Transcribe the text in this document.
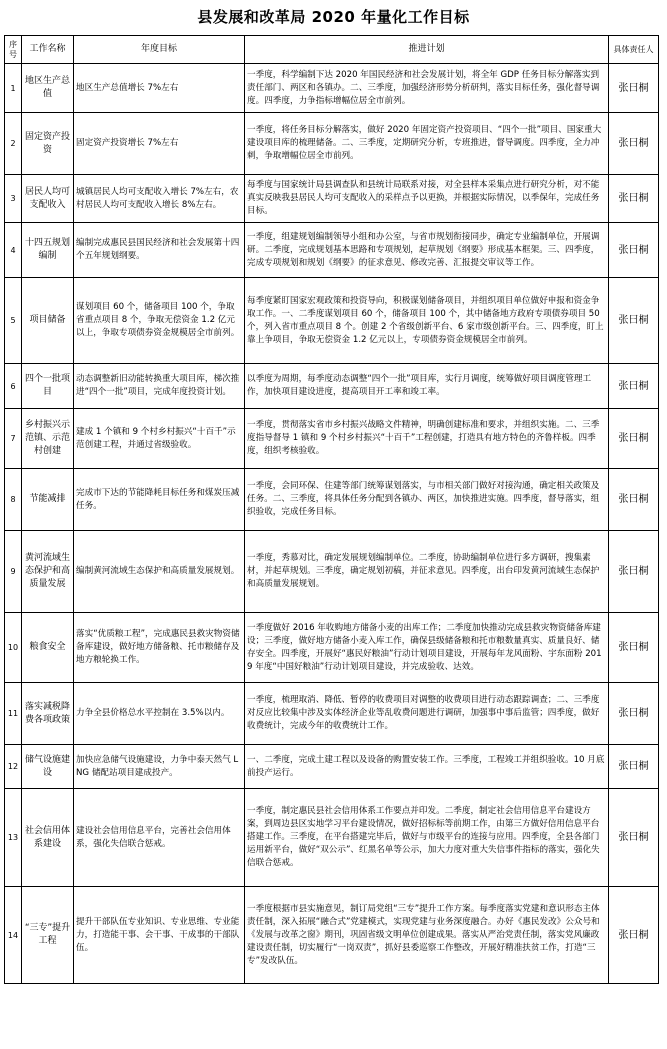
县发展和改革局 2020 年量化工作目标
序号	工作名称	年度目标	推进计划	具体责任人
1	地区生产总值	地区生产总值增长 7%左右	一季度，科学编制下达 2020 年国民经济和社会发展计划，将全年 GDP 任务目标分解落实到责任部门、两区和各镇办。二、三季度，加强经济形势分析研判，落实目标任务，强化督导调度。四季度，力争指标增幅位居全市前列。	张曰桐
2	固定资产投资	固定资产投资增长 7%左右	一季度，将任务目标分解落实，做好 2020 年固定资产投资项目、“四个一批”项目、国家重大建设项目库的梳理储备。二、三季度，定期研究分析，专班推进，督导调度。四季度，全力冲刺，争取增幅位居全市前列。	张曰桐
3	居民人均可支配收入	城镇居民人均可支配收入增长 7%左右，农村居民人均可支配收入增长 8%左右。	每季度与国家统计局县调查队和县统计局联系对接，对全县样本采集点进行研究分析，对不能真实反映我县居民人均可支配收入的采样点予以更换，并根据实际情况，以季保年，完成任务目标。	张曰桐
4	十四五规划编制	编制完成惠民县国民经济和社会发展第十四个五年规划纲要。	一季度，组建规划编制领导小组和办公室，与省市规划衔接同步，确定专业编制单位，开展调研。二季度，完成规划基本思路和专项规划，起草规划《纲要》形成基本框架。三、四季度，完成专项规划和规划《纲要》的征求意见、修改完善、汇报提交审议等工作。	张曰桐
5	项目储备	谋划项目 60 个，储备项目 100 个，争取省重点项目 8 个，争取无偿资金 1.2 亿元以上，争取专项债券资金规模居全市前列。	每季度紧盯国家宏观政策和投资导向，积极谋划储备项目，并组织项目单位做好申报和资金争取工作。一、二季度谋划项目 60 个，储备项目 100 个，其中储备地方政府专项债券项目 50 个，列入省市重点项目 8 个。创建 2 个省级创新平台、6 家市级创新平台。三、四季度，盯上靠上争项目，争取无偿资金 1.2 亿元以上，专项债券资金规模居全市前列。	张曰桐
6	四个一批项目	动态调整新旧动能转换重大项目库，梯次推进“四个一批”项目，完成年度投资计划。	以季度为周期，每季度动态调整“四个一批”项目库，实行月调度，统筹做好项目调度管理工作，加快项目建设进度，提高项目开工率和竣工率。	张曰桐
7	乡村振兴示范镇、示范村创建	建成 1 个镇和 9 个村乡村振兴“十百千”示范创建工程，并通过省级验收。	一季度，贯彻落实省市乡村振兴战略文件精神，明确创建标准和要求，并组织实施。二、三季度指导督导 1 镇和 9 个村乡村振兴“十百千”工程创建，打造具有地方特色的齐鲁样板。四季度，组织考核验收。	张曰桐
8	节能减排	完成市下达的节能降耗目标任务和煤炭压减任务。	一季度，会同环保、住建等部门统筹谋划落实，与市相关部门做好对接沟通，确定相关政策及任务。二、三季度，将具体任务分配到各镇办、两区，加快推进实施。四季度，督导落实，组织验收，完成任务目标。	张曰桐
9	黄河流域生态保护和高质量发展	编制黄河流域生态保护和高质量发展规划。	一季度，秀慕对比，确定发展规划编制单位。二季度，协助编制单位进行多方调研，搜集素材，并起草规划。三季度，确定规划初稿，并征求意见。四季度，出台印发黄河流域生态保护和高质量发展规划。	张曰桐
10	粮食安全	落实“优质粮工程”，完成惠民县救灾物资储备库建设，做好地方储备粮、托市粮储存及地方粮轮换工作。	一季度做好 2016 年收购地方储备小麦的出库工作；二季度加快推动完成县救灾物资储备库建设；三季度，做好地方储备小麦入库工作，确保县级储备粮和托市粮数量真实、质量良好、储存安全。四季度，开展好“惠民好粮油”行动计划项目建设，开展每年龙风面粉、宇东面粉 2019 年度“中国好粮油”行动计划项目建设，并完成验收、达效。	张曰桐
11	落实减税降费各项政策	力争全县价格总水平控制在 3.5%以内。	一季度，梳理取消、降低、暂停的收费项目对调整的收费项目进行动态跟踪调查；二、三季度对反应比较集中涉及实体经济企业等乱收费问题进行调研，加强事中事后监管；四季度，做好收费统计，完成今年的收费统计工作。	张曰桐
12	储气设施建设	加快应急储气设施建设，力争中泰天然气 LNG 储配站项目建成投产。	一、二季度，完成土建工程以及设备的购置安装工作。三季度，工程竣工并组织验收。10 月底前投产运行。	张曰桐
13	社会信用体系建设	建设社会信用信息平台，完善社会信用体系，强化失信联合惩戒。	一季度，制定惠民县社会信用体系工作要点并印发。二季度，制定社会信用信息平台建设方案，到周边县区实地学习平台建设情况，做好招标标等前期工作，由第三方做好信用信息平台搭建工作。三季度，在平台搭建完毕后，做好与市级平台的连接与应用。四季度，全县各部门运用新平台，做好“双公示”、红黑名单等公示，加大力度对重大失信事件指标的落实，强化失信联合惩戒。	张曰桐
14	“三专”提升工程	提升干部队伍专业知识、专业思维、专业能力，打造能干事、会干事、干成事的干部队伍。	一季度根据市县实施意见，制订局党组“三专”提升工作方案。每季度落实党建和意识形态主体责任制，深入拓展“融合式”党建模式，实现党建与业务深度融合。办好《惠民发改》公众号和《发展与改革之窗》期刊，巩固省级文明单位创建成果。落实从严治党责任制，落实党风廉政建设责任制，切实履行“一岗双责”，抓好县委巡察工作整改，开展好精准扶贫工作，打造“三专”发改队伍。	张曰桐
